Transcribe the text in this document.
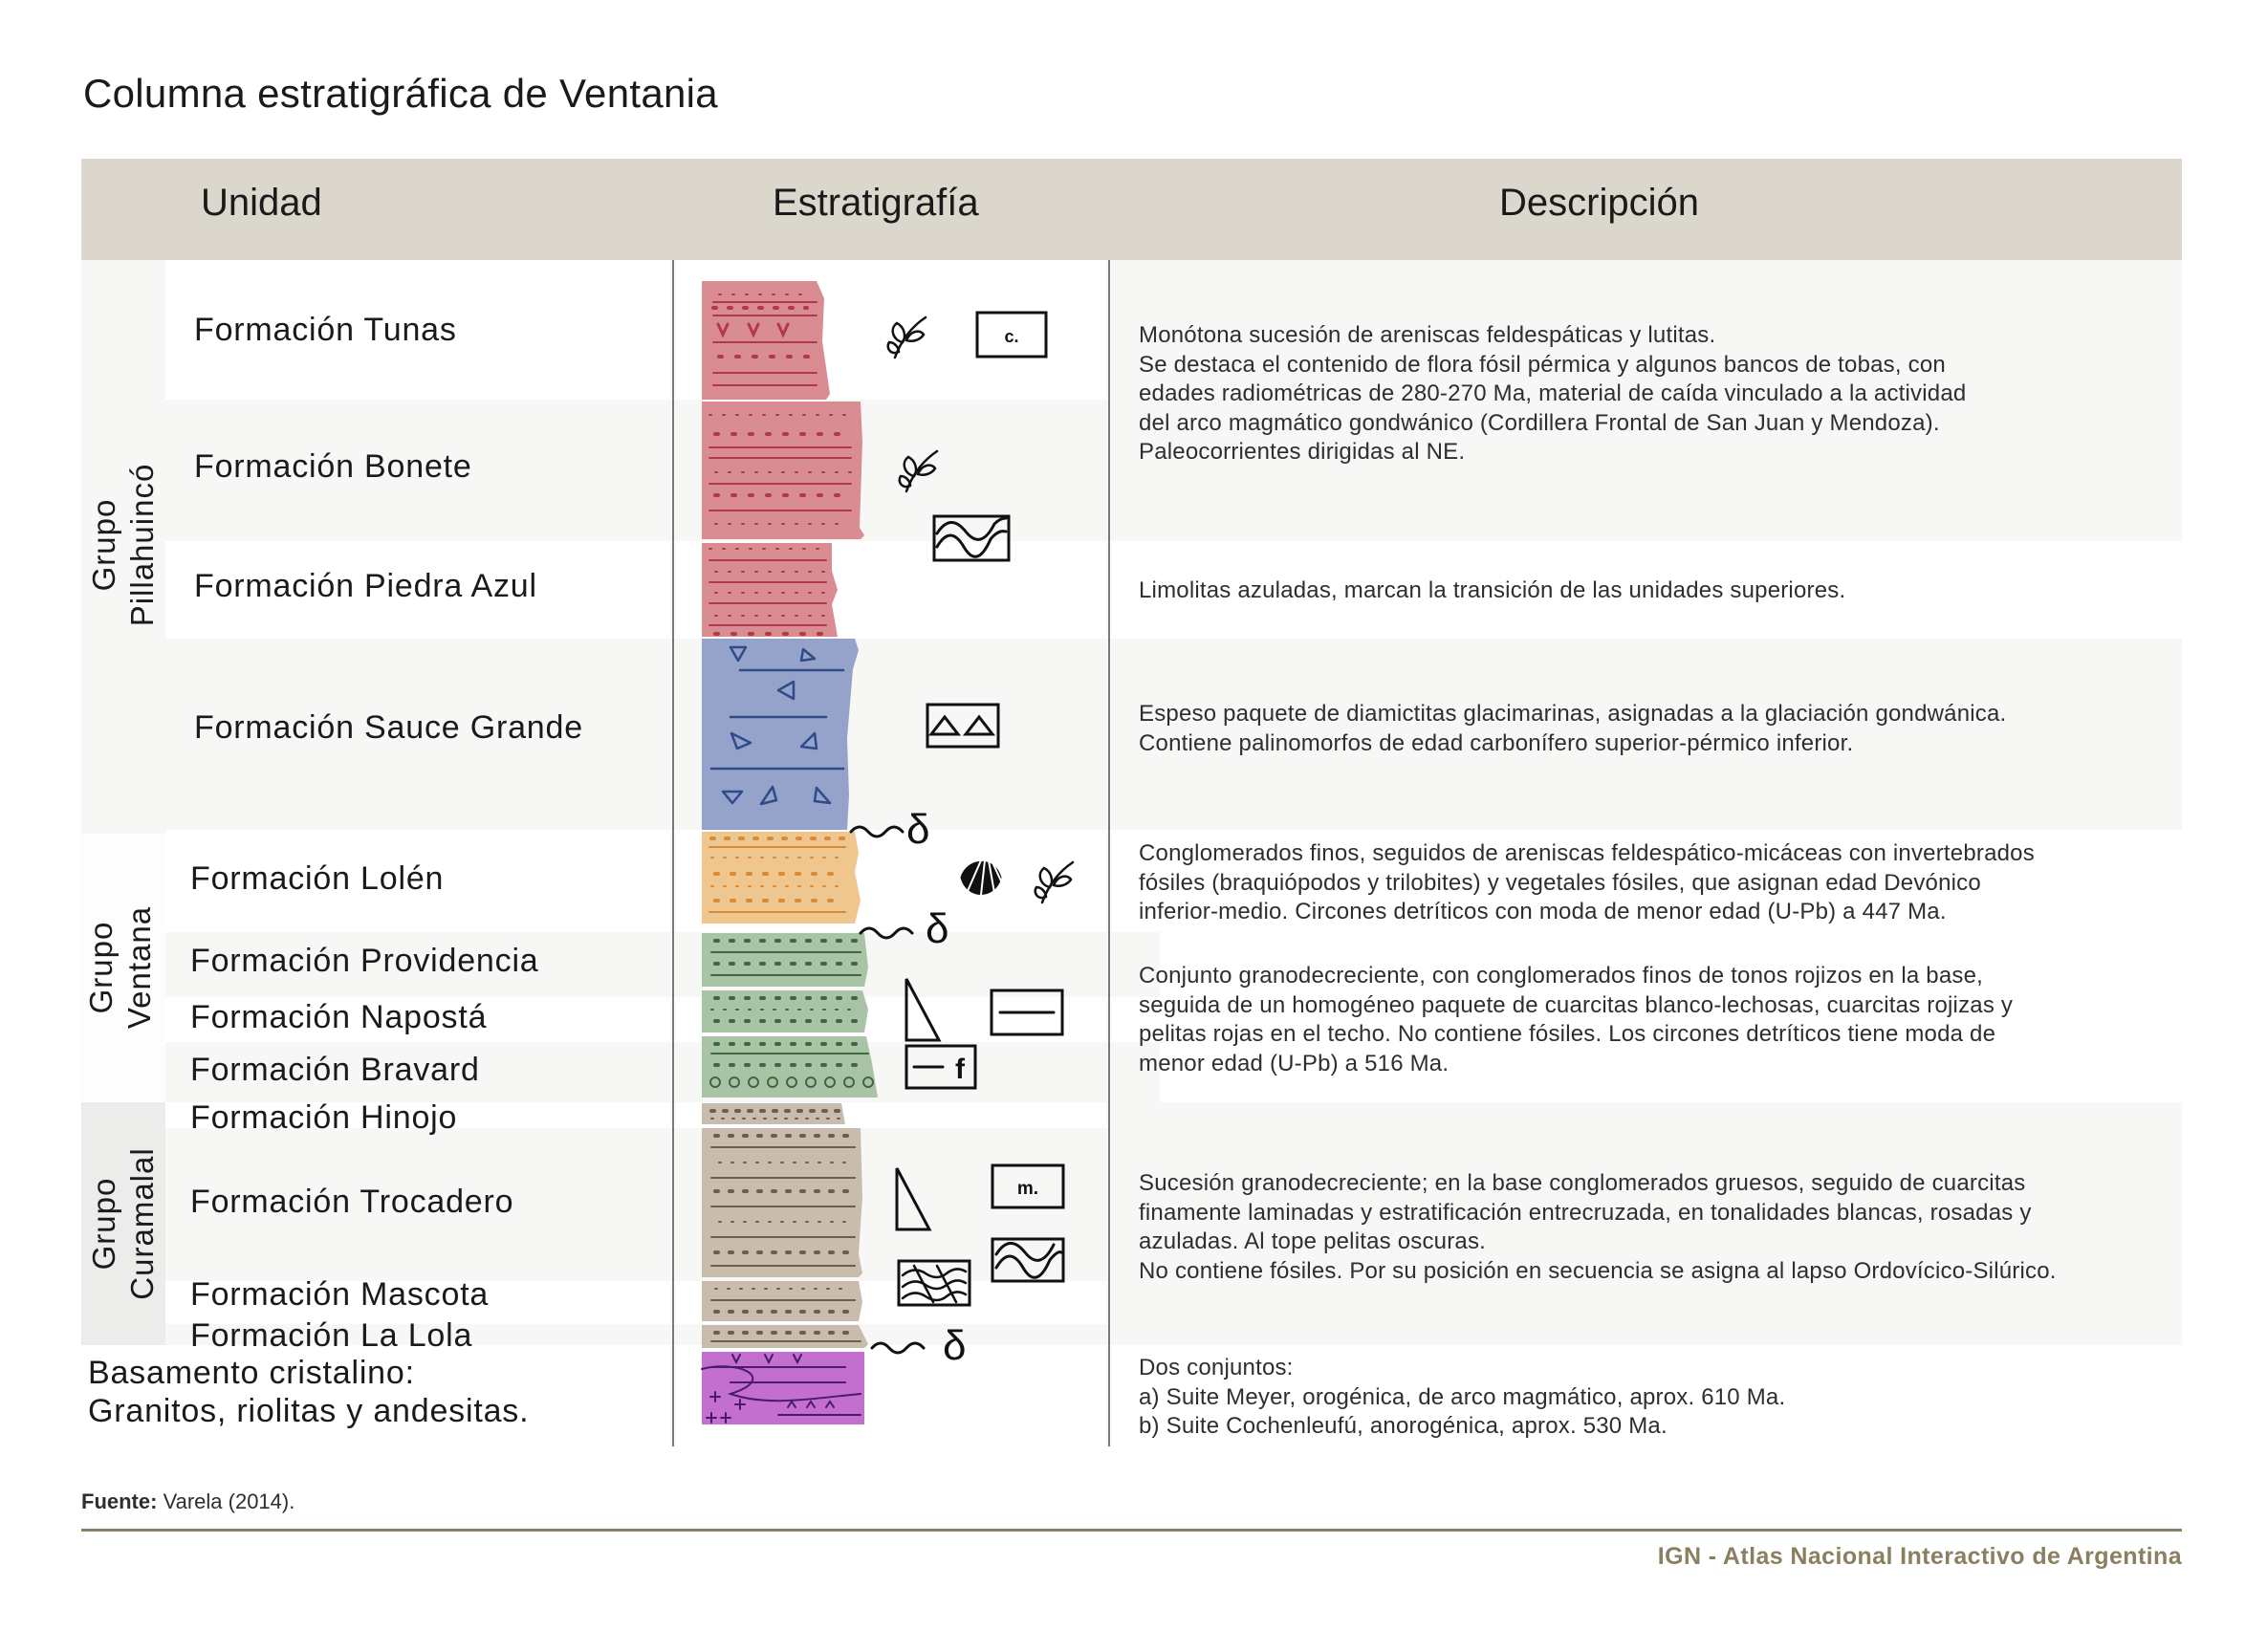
Columna estratigráfica de Ventania
Unidad	Estratigrafía	Descripción
Grupo
Pillahuincó
Grupo
Ventana
Grupo
Curamalal
Formación Tunas
Formación Bonete
Formación Piedra Azul
Formación Sauce Grande
Formación Lolén
Formación Providencia
Formación Napostá
Formación Bravard
Formación Hinojo
Formación Trocadero
Formación Mascota
Formación La Lola
Basamento cristalino:
Granitos, riolitas y andesitas.
δ
δ
δ
c.
f
m.
Monótona sucesión de areniscas feldespáticas y lutitas.
Se destaca el contenido de flora fósil pérmica y algunos bancos de tobas, con
edades radiométricas de 280-270 Ma, material de caída vinculado a la actividad
del arco magmático gondwánico (Cordillera Frontal de San Juan y Mendoza).
Paleocorrientes dirigidas al NE.
Limolitas azuladas, marcan la transición de las unidades superiores.
Espeso paquete de diamictitas glacimarinas, asignadas a la glaciación gondwánica.
Contiene palinomorfos de edad carbonífero superior-pérmico inferior.
Conglomerados finos, seguidos de areniscas feldespático-micáceas con invertebrados
fósiles (braquiópodos y trilobites) y vegetales fósiles, que asignan edad Devónico
inferior-medio. Circones detríticos con moda de menor edad (U-Pb) a 447 Ma.
Conjunto granodecreciente, con conglomerados finos de tonos rojizos en la base,
seguida de un homogéneo paquete de cuarcitas blanco-lechosas, cuarcitas rojizas y
pelitas rojas en el techo. No contiene fósiles. Los circones detríticos tiene moda de
menor edad (U-Pb) a 516 Ma.
Sucesión granodecreciente; en la base conglomerados gruesos, seguido de cuarcitas
finamente laminadas y estratificación entrecruzada, en tonalidades blancas, rosadas y
azuladas. Al tope pelitas oscuras.
No contiene fósiles. Por su posición en secuencia se asigna al lapso Ordovícico-Silúrico.
Dos conjuntos:
a) Suite Meyer, orogénica, de arco magmático, aprox. 610 Ma.
b) Suite Cochenleufú, anorogénica, aprox. 530 Ma.
Fuente: Varela (2014).
IGN - Atlas Nacional Interactivo de Argentina
